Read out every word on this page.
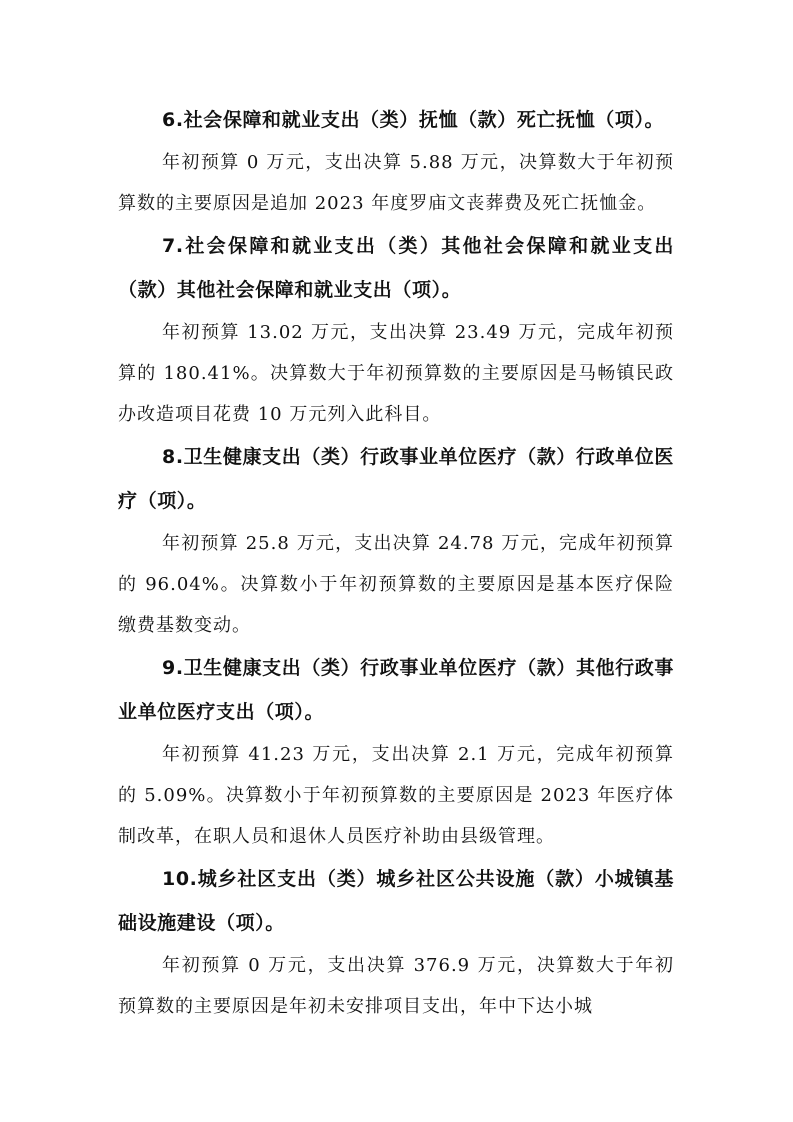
6.社会保障和就业支出（类）抚恤（款）死亡抚恤（项）。

年初预算 0 万元，支出决算 5.88 万元，决算数大于年初预算数的主要原因是追加 2023 年度罗庙文丧葬费及死亡抚恤金。

7.社会保障和就业支出（类）其他社会保障和就业支出（款）其他社会保障和就业支出（项）。

年初预算 13.02 万元，支出决算 23.49 万元，完成年初预算的 180.41%。决算数大于年初预算数的主要原因是马畅镇民政办改造项目花费 10 万元列入此科目。

8.卫生健康支出（类）行政事业单位医疗（款）行政单位医疗（项）。

年初预算 25.8 万元，支出决算 24.78 万元，完成年初预算的 96.04%。决算数小于年初预算数的主要原因是基本医疗保险缴费基数变动。

9.卫生健康支出（类）行政事业单位医疗（款）其他行政事业单位医疗支出（项）。

年初预算 41.23 万元，支出决算 2.1 万元，完成年初预算的 5.09%。决算数小于年初预算数的主要原因是 2023 年医疗体制改革，在职人员和退休人员医疗补助由县级管理。

10.城乡社区支出（类）城乡社区公共设施（款）小城镇基础设施建设（项）。

年初预算 0 万元，支出决算 376.9 万元，决算数大于年初预算数的主要原因是年初未安排项目支出，年中下达小城
